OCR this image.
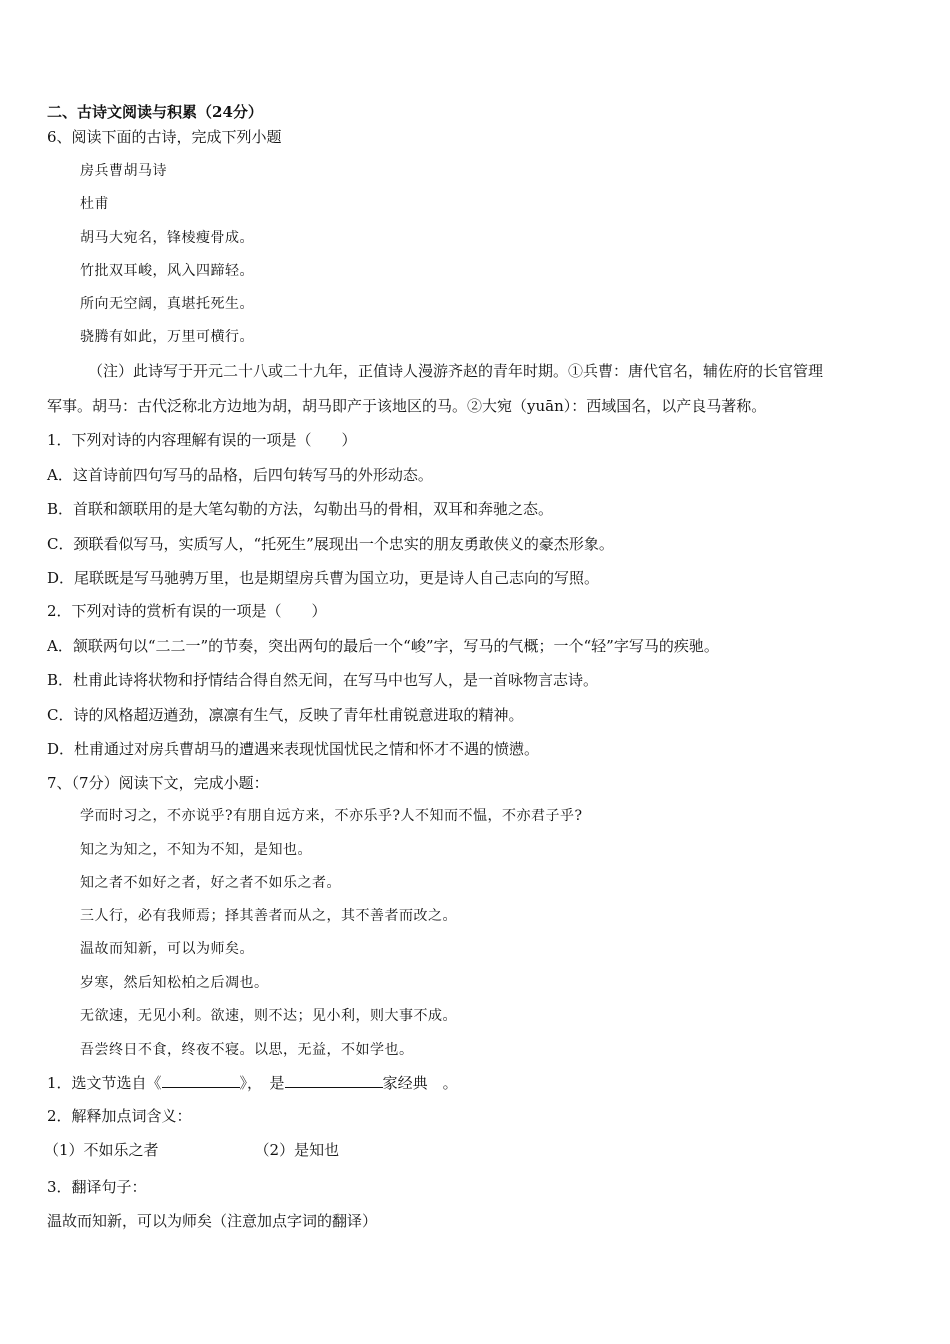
二、古诗文阅读与积累（24分）
6、阅读下面的古诗，完成下列小题
房兵曹胡马诗
杜甫
胡马大宛名，锋棱瘦骨成。
竹批双耳峻，风入四蹄轻。
所向无空阔，真堪托死生。
骁腾有如此，万里可横行。
（注）此诗写于开元二十八或二十九年，正值诗人漫游齐赵的青年时期。①兵曹：唐代官名，辅佐府的长官管理
军事。胡马：古代泛称北方边地为胡，胡马即产于该地区的马。②大宛（yuān）：西域国名，以产良马著称。
1．下列对诗的内容理解有误的一项是（　　）
A．这首诗前四句写马的品格，后四句转写马的外形动态。
B．首联和颔联用的是大笔勾勒的方法，勾勒出马的骨相，双耳和奔驰之态。
C．颈联看似写马，实质写人，“托死生”展现出一个忠实的朋友勇敢侠义的豪杰形象。
D．尾联既是写马驰骋万里，也是期望房兵曹为国立功，更是诗人自己志向的写照。
2．下列对诗的赏析有误的一项是（　　）
A．颔联两句以“二二一”的节奏，突出两句的最后一个“峻”字，写马的气概；一个“轻”字写马的疾驰。
B．杜甫此诗将状物和抒情结合得自然无间，在写马中也写人，是一首咏物言志诗。
C．诗的风格超迈遒劲，凛凛有生气，反映了青年杜甫锐意进取的精神。
D．杜甫通过对房兵曹胡马的遭遇来表现忧国忧民之情和怀才不遇的愤懑。
7、（7分）阅读下文，完成小题：
学而时习之，不亦说乎?有朋自远方来，不亦乐乎?人不知而不愠，不亦君子乎?
知之为知之，不知为不知，是知也。
知之者不如好之者，好之者不如乐之者。
三人行，必有我师焉；择其善者而从之，其不善者而改之。
温故而知新，可以为师矣。
岁寒，然后知松柏之后凋也。
无欲速，无见小利。欲速，则不达；见小利，则大事不成。
吾尝终日不食，终夜不寝。以思，无益，不如学也。
1．选文节选自《	》，　是	家经典　。
2．解释加点词含义：
（1）不如乐之者	（2）是知也
3．翻译句子：
温故而知新，可以为师矣（注意加点字词的翻译）
